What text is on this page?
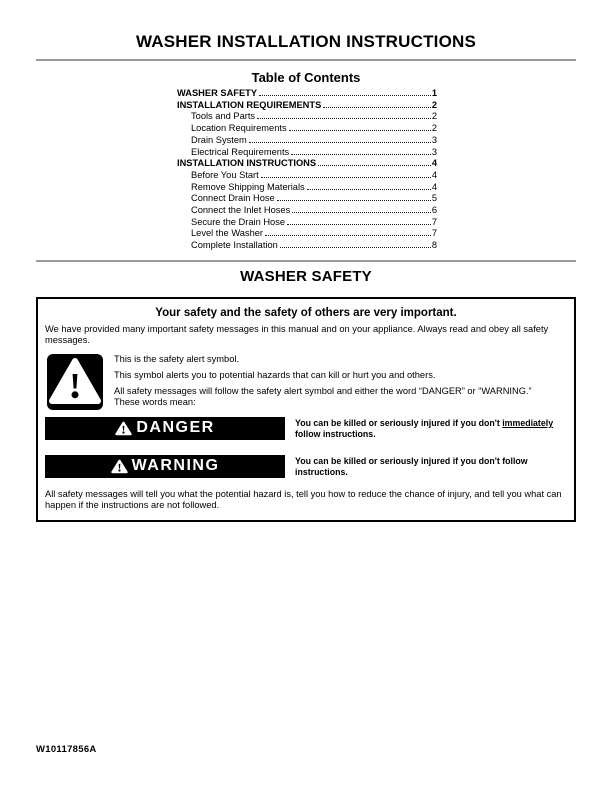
WASHER INSTALLATION INSTRUCTIONS
Table of Contents
WASHER SAFETY	1
INSTALLATION REQUIREMENTS	2
Tools and Parts	2
Location Requirements	2
Drain System	3
Electrical Requirements	3
INSTALLATION INSTRUCTIONS	4
Before You Start	4
Remove Shipping Materials	4
Connect Drain Hose	5
Connect the Inlet Hoses	6
Secure the Drain Hose	7
Level the Washer	7
Complete Installation	8
WASHER SAFETY
Your safety and the safety of others are very important.

We have provided many important safety messages in this manual and on your appliance. Always read and obey all safety messages.

This is the safety alert symbol.

This symbol alerts you to potential hazards that can kill or hurt you and others.

All safety messages will follow the safety alert symbol and either the word “DANGER” or “WARNING.”

These words mean:

DANGER	You can be killed or seriously injured if you don't immediately
follow instructions.
WARNING	You can be killed or seriously injured if you don't follow
instructions.

All safety messages will tell you what the potential hazard is, tell you how to reduce the chance of injury, and tell you what can happen if the instructions are not followed.

W10117856A
